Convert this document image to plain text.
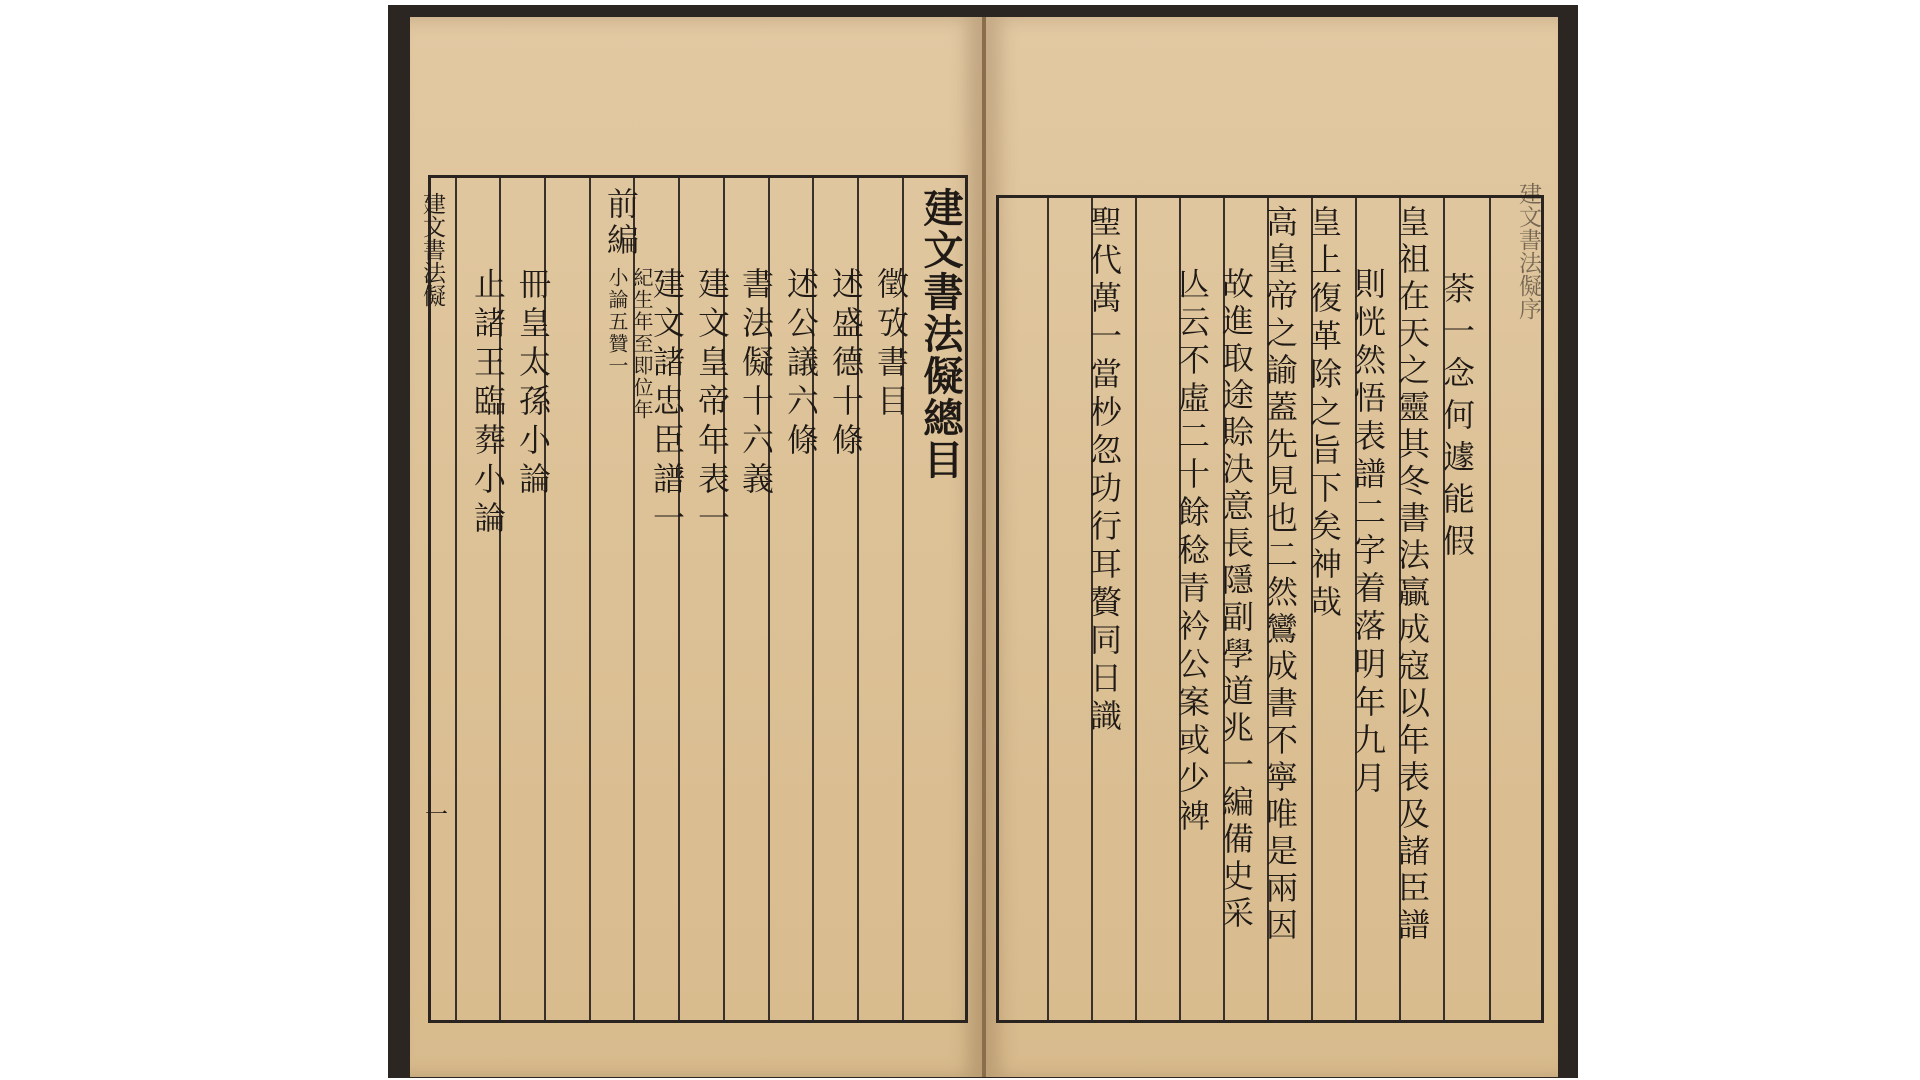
建文書法儗總目
徵攷書目
述盛德十條
述公議六條
書法儗十六義
建文皇帝年表一
建文諸忠臣譜一
前編
紀生年至即位年
小論五贊一
冊皇太孫小論
止諸王臨葬小論
建文書法儗
一
建文書法儗序
荼一念何遽能假
皇祖在天之靈其冬書法贏成寇以年表及諸臣譜
則恍然悟表譜二字着落明年九月
皇上復革除之旨下矣神哉
高皇帝之諭蓋先見也二然鸞成書不寧唯是兩因
故進取途賒決意長隱副學道兆一編備史采
亾云不虛二十餘稔青衿公案或少裨
聖代萬一當杪忽功行耳贅同日識
